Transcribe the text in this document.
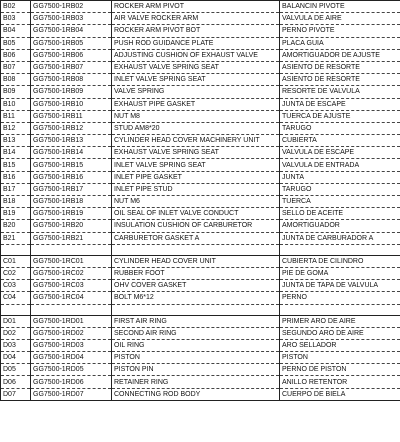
B02	GG7500-1RB02	ROCKER ARM PIVOT	BALANCIN PIVOTE
B03	GG7500-1RB03	AIR VALVE ROCKER ARM	VALVULA DE AIRE
B04	GG7500-1RB04	ROCKER ARM PIVOT BOT	PERNO PIVOTE
B05	GG7500-1RB05	PUSH ROD GUIDANCE PLATE	PLACA GUIA
B06	GG7500-1RB06	ADJUSTING CUSHION OF EXHAUST VALVE	AMORTIGUADOR DE AJUSTE
B07	GG7500-1RB07	EXHAUST VALVE SPRING SEAT	ASIENTO DE RESORTE
B08	GG7500-1RB08	INLET VALVE SPRING SEAT	ASIENTO DE RESORTE
B09	GG7500-1RB09	VALVE SPRING	RESORTE DE VALVULA
B10	GG7500-1RB10	EXHAUST PIPE GASKET	JUNTA DE ESCAPE
B11	GG7500-1RB11	NUT M8	TUERCA DE AJUSTE
B12	GG7500-1RB12	STUD AM8*20	TARUGO
B13	GG7500-1RB13	CYLINDER HEAD COVER MACHINERY UNIT	CUBIERTA
B14	GG7500-1RB14	EXHAUST VALVE SPRING SEAT	VALVULA DE ESCAPE
B15	GG7500-1RB15	INLET VALVE SPRING SEAT	VALVULA DE ENTRADA
B16	GG7500-1RB16	INLET PIPE GASKET	JUNTA
B17	GG7500-1RB17	INLET PIPE STUD	TARUGO
B18	GG7500-1RB18	NUT M6	TUERCA
B19	GG7500-1RB19	OIL SEAL OF INLET VALVE CONDUCT	SELLO DE ACEITE
B20	GG7500-1RB20	INSULATION CUSHION OF CARBURETOR	AMORTIGUADOR
B21	GG7500-1RB21	CARBURETOR GASKET A	JUNTA DE CARBURADOR A

C01	GG7500-1RC01	CYLINDER HEAD COVER UNIT	CUBIERTA DE CILINDRO
C02	GG7500-1RC02	RUBBER FOOT	PIE DE GOMA
C03	GG7500-1RC03	OHV COVER GASKET	JUNTA DE TAPA DE VALVULA
C04	GG7500-1RC04	BOLT M6*12	PERNO

D01	GG7500-1RD01	FIRST AIR RING	PRIMER ARO DE AIRE
D02	GG7500-1RD02	SECOND AIR RING	SEGUNDO ARO DE AIRE
D03	GG7500-1RD03	OIL RING	ARO SELLADOR
D04	GG7500-1RD04	PISTON	PISTON
D05	GG7500-1RD05	PISTON PIN	PERNO DE PISTON
D06	GG7500-1RD06	RETAINER RING	ANILLO RETENTOR
D07	GG7500-1RD07	CONNECTING ROD BODY	CUERPO DE BIELA
